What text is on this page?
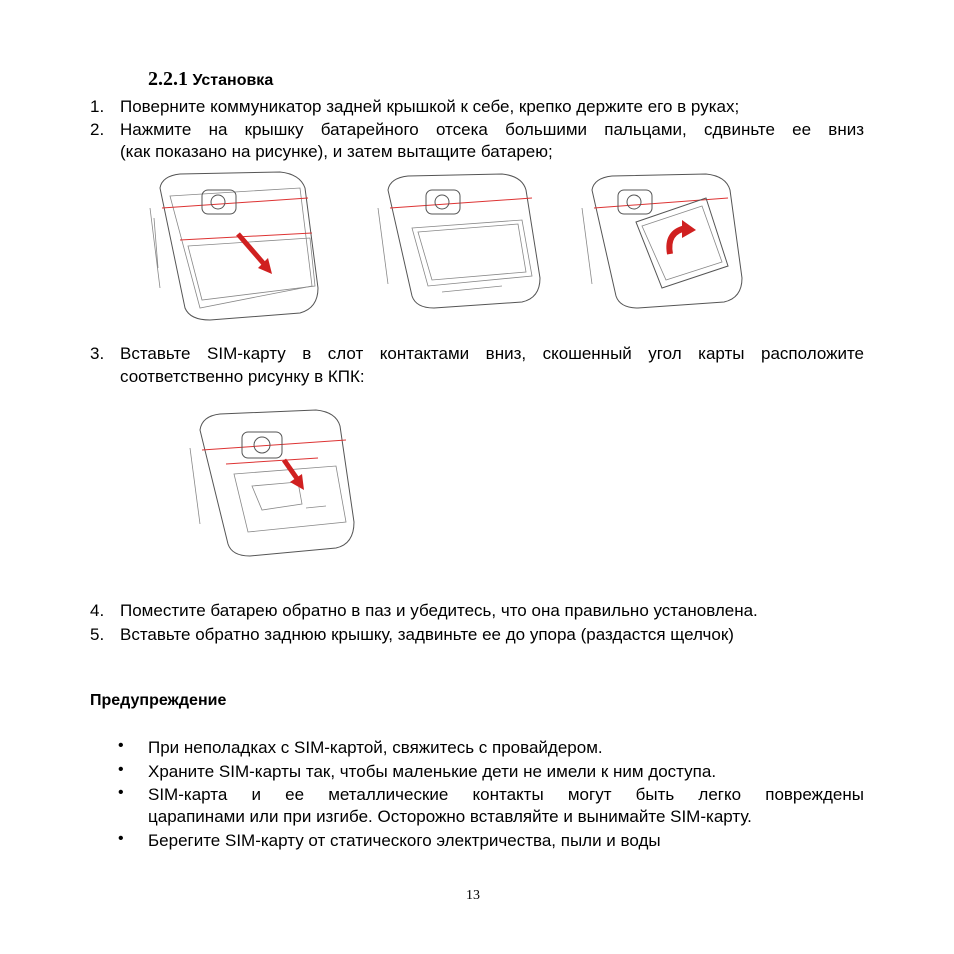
2.2.1 Установка
1. Поверните коммуникатор задней крышкой к себе, крепко держите его в руках;
2. Нажмите на крышку батарейного отсека большими пальцами, сдвиньте ее вниз
(как показано на рисунке), и затем вытащите батарею;
3. Вставьте SIM-карту в слот контактами вниз, скошенный угол карты расположите
соответственно рисунку в КПК:
4. Поместите батарею обратно в паз и убедитесь, что она правильно установлена.
5. Вставьте обратно заднюю крышку, задвиньте ее до упора (раздастся щелчок)
Предупреждение
• При неполадках с SIM-картой, свяжитесь с провайдером.
• Храните SIM-карты так, чтобы маленькие дети не имели к ним доступа.
• SIM-карта и ее металлические контакты могут быть легко повреждены
царапинами или при изгибе. Осторожно вставляйте и вынимайте SIM-карту.
• Берегите SIM-карту от статического электричества, пыли и воды
13
